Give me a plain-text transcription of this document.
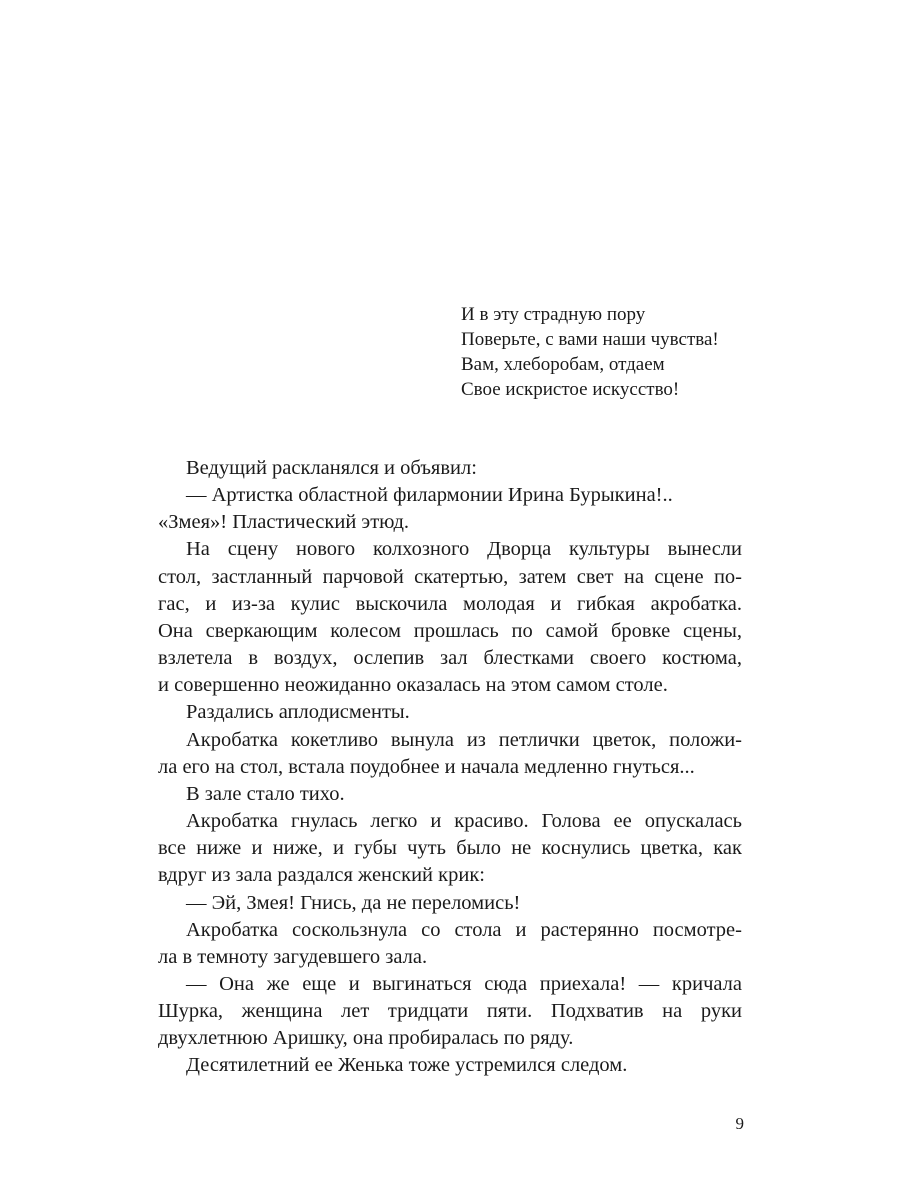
И в эту страдную пору
Поверьте, с вами наши чувства!
Вам, хлеборобам, отдаем
Свое искристое искусство!
Ведущий раскланялся и объявил:
— Артистка областной филармонии Ирина Бурыкина!..
«Змея»! Пластический этюд.
На сцену нового колхозного Дворца культуры вынесли
стол, застланный парчовой скатертью, затем свет на сцене по-
гас, и из-за кулис выскочила молодая и гибкая акробатка.
Она сверкающим колесом прошлась по самой бровке сцены,
взлетела в воздух, ослепив зал блестками своего костюма,
и совершенно неожиданно оказалась на этом самом столе.
Раздались аплодисменты.
Акробатка кокетливо вынула из петлички цветок, положи-
ла его на стол, встала поудобнее и начала медленно гнуться...
В зале стало тихо.
Акробатка гнулась легко и красиво. Голова ее опускалась
все ниже и ниже, и губы чуть было не коснулись цветка, как
вдруг из зала раздался женский крик:
— Эй, Змея! Гнись, да не переломись!
Акробатка соскользнула со стола и растерянно посмотре-
ла в темноту загудевшего зала.
— Она же еще и выгинаться сюда приехала! — кричала
Шурка, женщина лет тридцати пяти. Подхватив на руки
двухлетнюю Аришку, она пробиралась по ряду.
Десятилетний ее Женька тоже устремился следом.
9
